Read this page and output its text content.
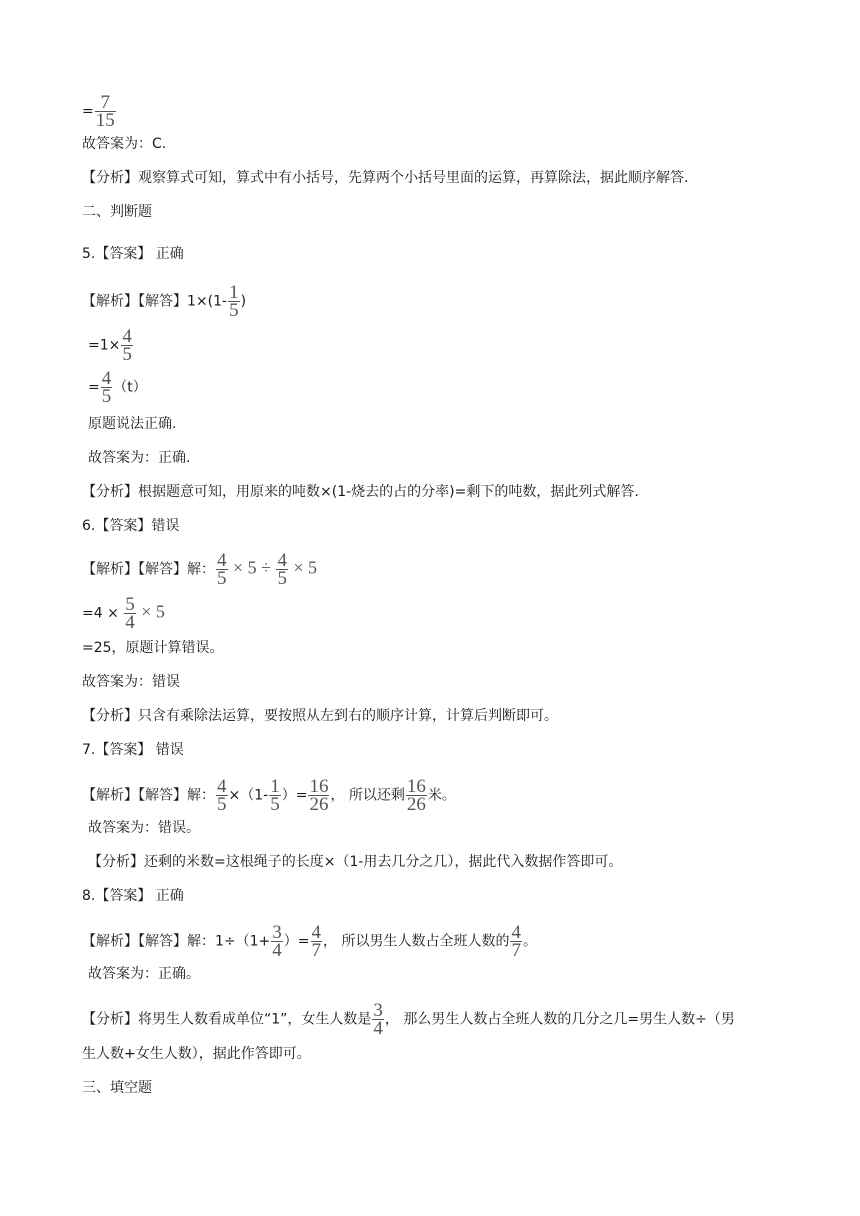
= $\frac{7}{15}$
故答案为：C.
【分析】观察算式可知，算式中有小括号，先算两个小括号里面的运算，再算除法，据此顺序解答.
二、判断题
5.【答案】 正确
【解析】【解答】$1\times(1- \frac{1}{5}$ )
$=1\times \frac{4}{5}$
= $\frac{4}{5} (t)$
原题说法正确.
故答案为：正确.
【分析】根据题意可知，用原来的吨数×(1-烧去的占的分率)=剩下的吨数，据此列式解答.
6.【答案】错误
【解析】【解答】解： $\frac{4}{5} \times 5 \div \frac{4}{5} \times 5$
$=4 \times \frac{5}{4} \times 5$
=25，原题计算错误。
故答案为：错误
【分析】只含有乘除法运算，要按照从左到右的顺序计算，计算后判断即可。
7.【答案】 错误
【解析】【解答】解： $\frac{4}{5} \times(1- \frac{1}{5}$ ）= $\frac{16}{26}$ ， 所以还剩 $\frac{16}{26}$ 米。
故答案为：错误。
【分析】还剩的米数=这根绳子的长度×（1-用去几分之几），据此代入数据作答即可。
8.【答案】 正确
【解析】【解答】解：$1\div(1+ \frac{3}{4}$ ）= $\frac{4}{7}$ ， 所以男生人数占全班人数的 $\frac{4}{7}$ 。
故答案为：正确。
【分析】将男生人数看成单位“1”，女生人数是 $\frac{3}{4}$ ， 那么男生人数占全班人数的几分之几=男生人数÷（男
生人数+女生人数），据此作答即可。
三、填空题
